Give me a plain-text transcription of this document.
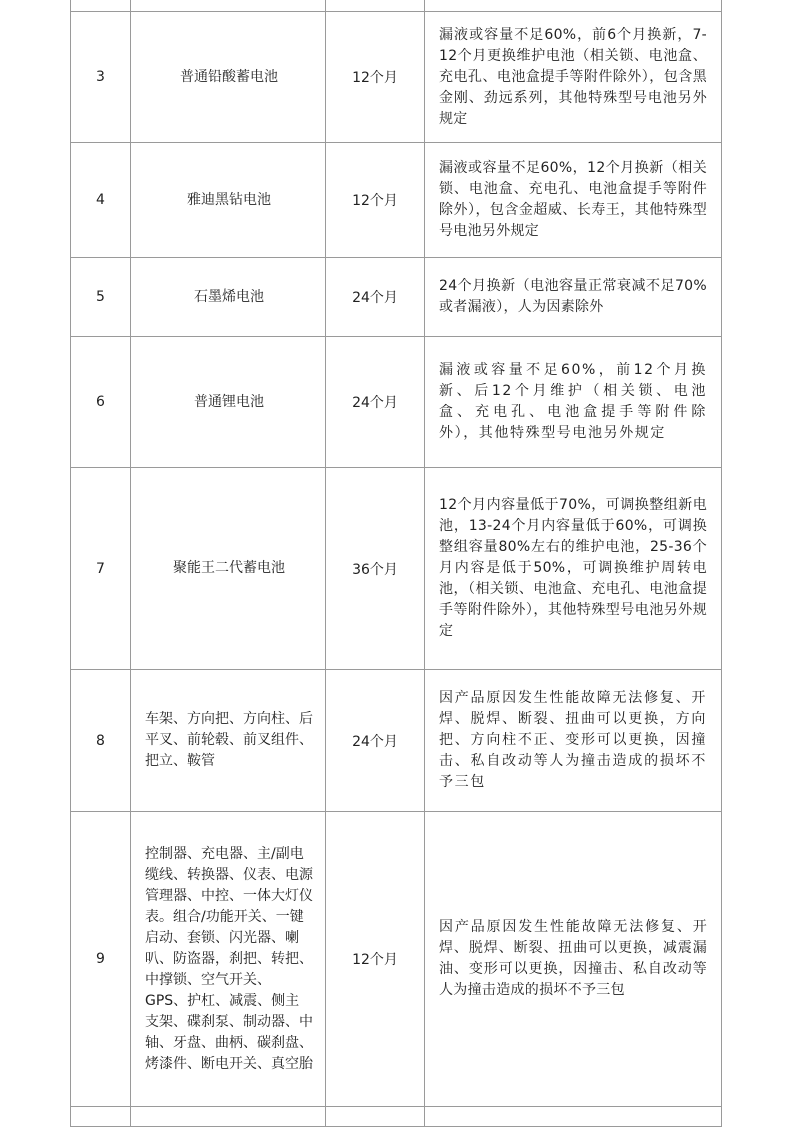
3	普通铅酸蓄电池	12个月	漏液或容量不足60%，前6个月换新，7-12个月更换维护电池（相关锁、电池盒、充电孔、电池盒提手等附件除外），包含黑金刚、劲远系列，其他特殊型号电池另外规定
4	雅迪黑钻电池	12个月	漏液或容量不足60%，12个月换新（相关锁、电池盒、充电孔、电池盒提手等附件除外），包含金超威、长寿王，其他特殊型号电池另外规定
5	石墨烯电池	24个月	24个月换新（电池容量正常衰减不足70%或者漏液），人为因素除外
6	普通锂电池	24个月	漏液或容量不足60%，前12个月换新、后12个月维护（相关锁、电池盒、充电孔、电池盒提手等附件除外），其他特殊型号电池另外规定
7	聚能王二代蓄电池	36个月	12个月内容量低于70%，可调换整组新电池，13-24个月内容量低于60%，可调换整组容量80%左右的维护电池，25-36个月内容是低于50%，可调换维护周转电池，（相关锁、电池盒、充电孔、电池盒提手等附件除外），其他特殊型号电池另外规定
8	车架、方向把、方向柱、后平叉、前轮毂、前叉组件、把立、鞍管	24个月	因产品原因发生性能故障无法修复、开焊、脱焊、断裂、扭曲可以更换，方向把、方向柱不正、变形可以更换，因撞击、私自改动等人为撞击造成的损坏不予三包
9	控制器、充电器、主/副电缆线、转换器、仪表、电源管理器、中控、一体大灯仪表。组合/功能开关、一键启动、套锁、闪光器、喇叭、防盗器，刹把、转把、中撑锁、空气开关、GPS、护杠、减震、侧主支架、碟刹泵、制动器、中轴、牙盘、曲柄、碳刹盘、烤漆件、断电开关、真空胎	12个月	因产品原因发生性能故障无法修复、开焊、脱焊、断裂、扭曲可以更换，减震漏油、变形可以更换，因撞击、私自改动等人为撞击造成的损坏不予三包
